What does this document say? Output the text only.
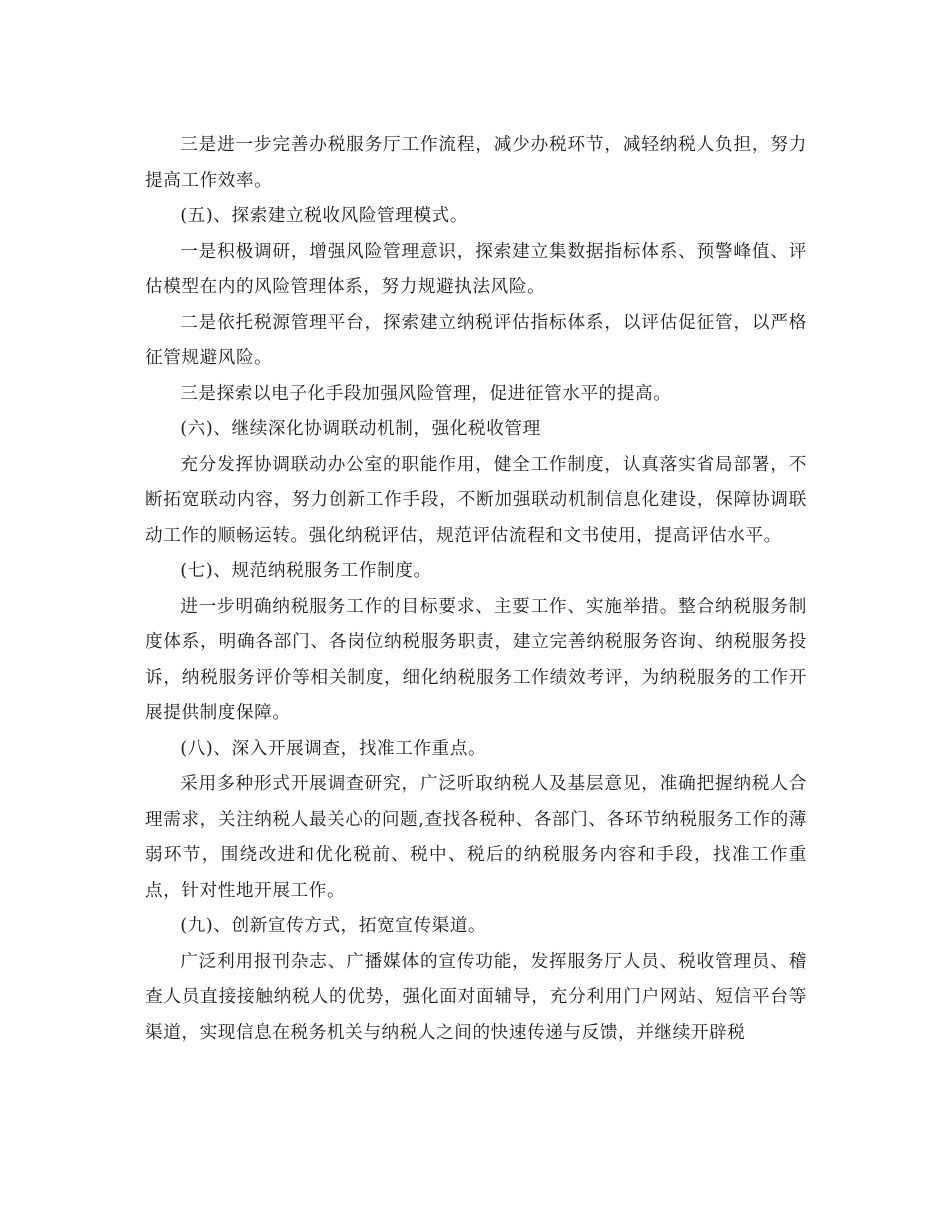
三是进一步完善办税服务厅工作流程，减少办税环节，减轻纳税人负担，努力提高工作效率。

(五)、探索建立税收风险管理模式。

一是积极调研，增强风险管理意识，探索建立集数据指标体系、预警峰值、评估模型在内的风险管理体系，努力规避执法风险。

二是依托税源管理平台，探索建立纳税评估指标体系，以评估促征管，以严格征管规避风险。

三是探索以电子化手段加强风险管理，促进征管水平的提高。

(六)、继续深化协调联动机制，强化税收管理

充分发挥协调联动办公室的职能作用，健全工作制度，认真落实省局部署，不断拓宽联动内容，努力创新工作手段，不断加强联动机制信息化建设，保障协调联动工作的顺畅运转。强化纳税评估，规范评估流程和文书使用，提高评估水平。

(七)、规范纳税服务工作制度。

进一步明确纳税服务工作的目标要求、主要工作、实施举措。整合纳税服务制度体系，明确各部门、各岗位纳税服务职责，建立完善纳税服务咨询、纳税服务投诉，纳税服务评价等相关制度，细化纳税服务工作绩效考评，为纳税服务的工作开展提供制度保障。

(八)、深入开展调查，找准工作重点。

采用多种形式开展调查研究，广泛听取纳税人及基层意见，准确把握纳税人合理需求，关注纳税人最关心的问题,查找各税种、各部门、各环节纳税服务工作的薄弱环节，围绕改进和优化税前、税中、税后的纳税服务内容和手段，找准工作重点，针对性地开展工作。

(九)、创新宣传方式，拓宽宣传渠道。

广泛利用报刊杂志、广播媒体的宣传功能，发挥服务厅人员、税收管理员、稽查人员直接接触纳税人的优势，强化面对面辅导，充分利用门户网站、短信平台等渠道，实现信息在税务机关与纳税人之间的快速传递与反馈，并继续开辟税
